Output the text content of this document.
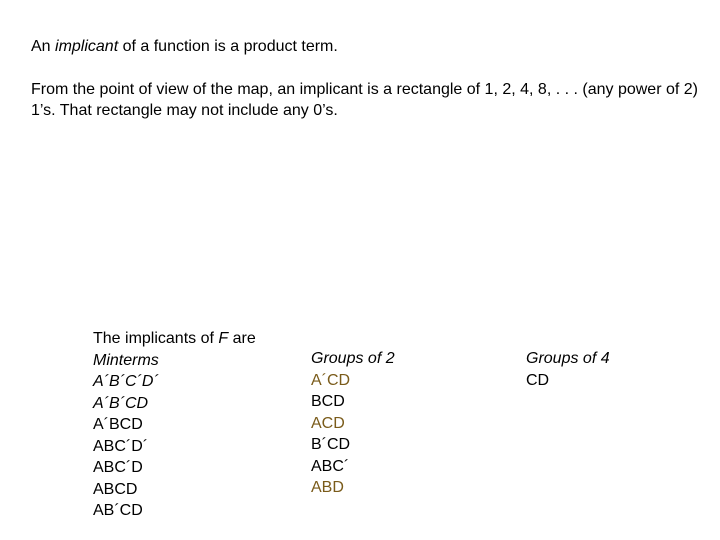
An implicant of a function is a product term.

From the point of view of the map, an implicant is a rectangle of 1, 2, 4, 8, . . . (any power of 2) 1’s. That rectangle may not include any 0’s.

The implicants of F are
Minterms
A´B´C´D´
A´B´CD
A´BCD
ABC´D´
ABC´D
ABCD
AB´CD
Groups of 2
A´CD
BCD
ACD
B´CD
ABC´
ABD
Groups of 4
CD
